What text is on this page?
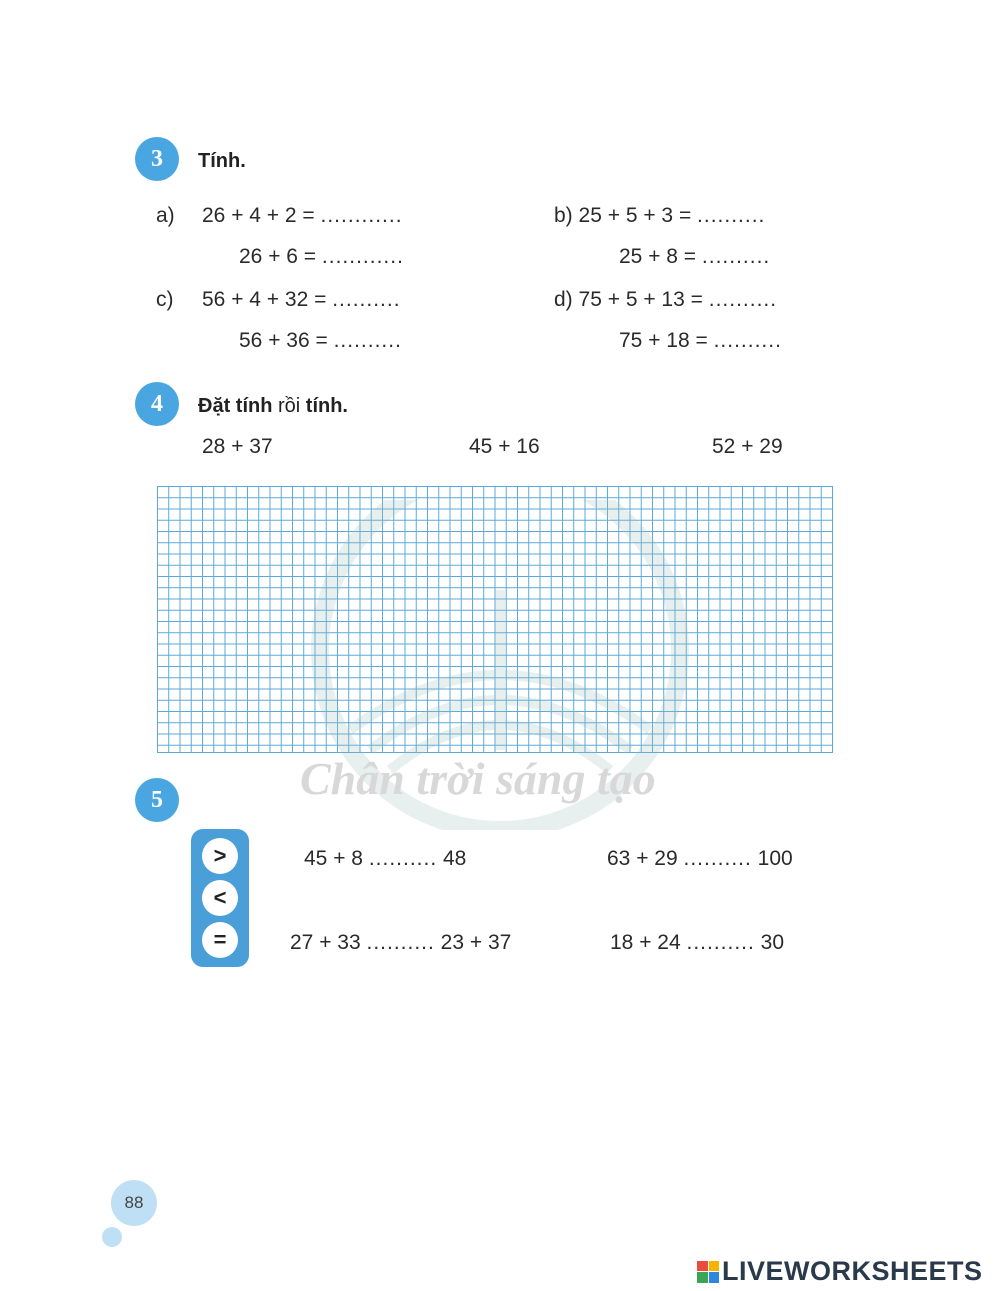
3	Tính.
a) 26 + 4 + 2 = ............
26 + 6 = ............
b) 25 + 5 + 3 = ..........
25 + 8 = ..........
c) 56 + 4 + 32 = ..........
56 + 36 = ..........
d) 75 + 5 + 13 = ..........
75 + 18 = ..........
4	Đặt tính rồi tính.
28 + 37	45 + 16	52 + 29
Chân trời sáng tạo
5
>
<
=
45 + 8 .......... 48	63 + 29 .......... 100
27 + 33 .......... 23 + 37	18 + 24 .......... 30
88
LIVEWORKSHEETS
